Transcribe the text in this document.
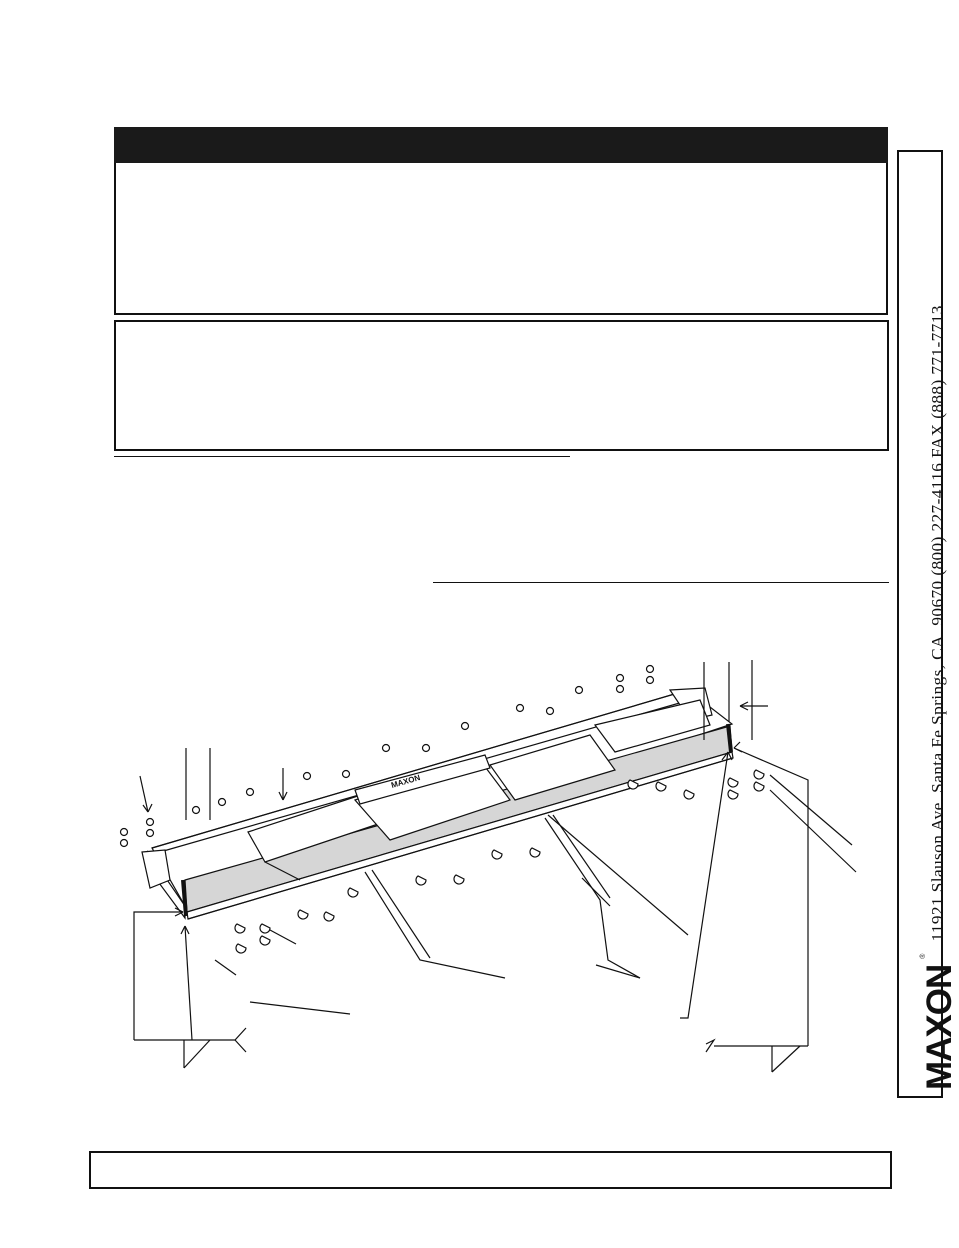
MAXON
MAXON
®
11921 Slauson Ave. Santa Fe Springs, CA. 90670 (800) 227-4116 FAX (888) 771-7713
